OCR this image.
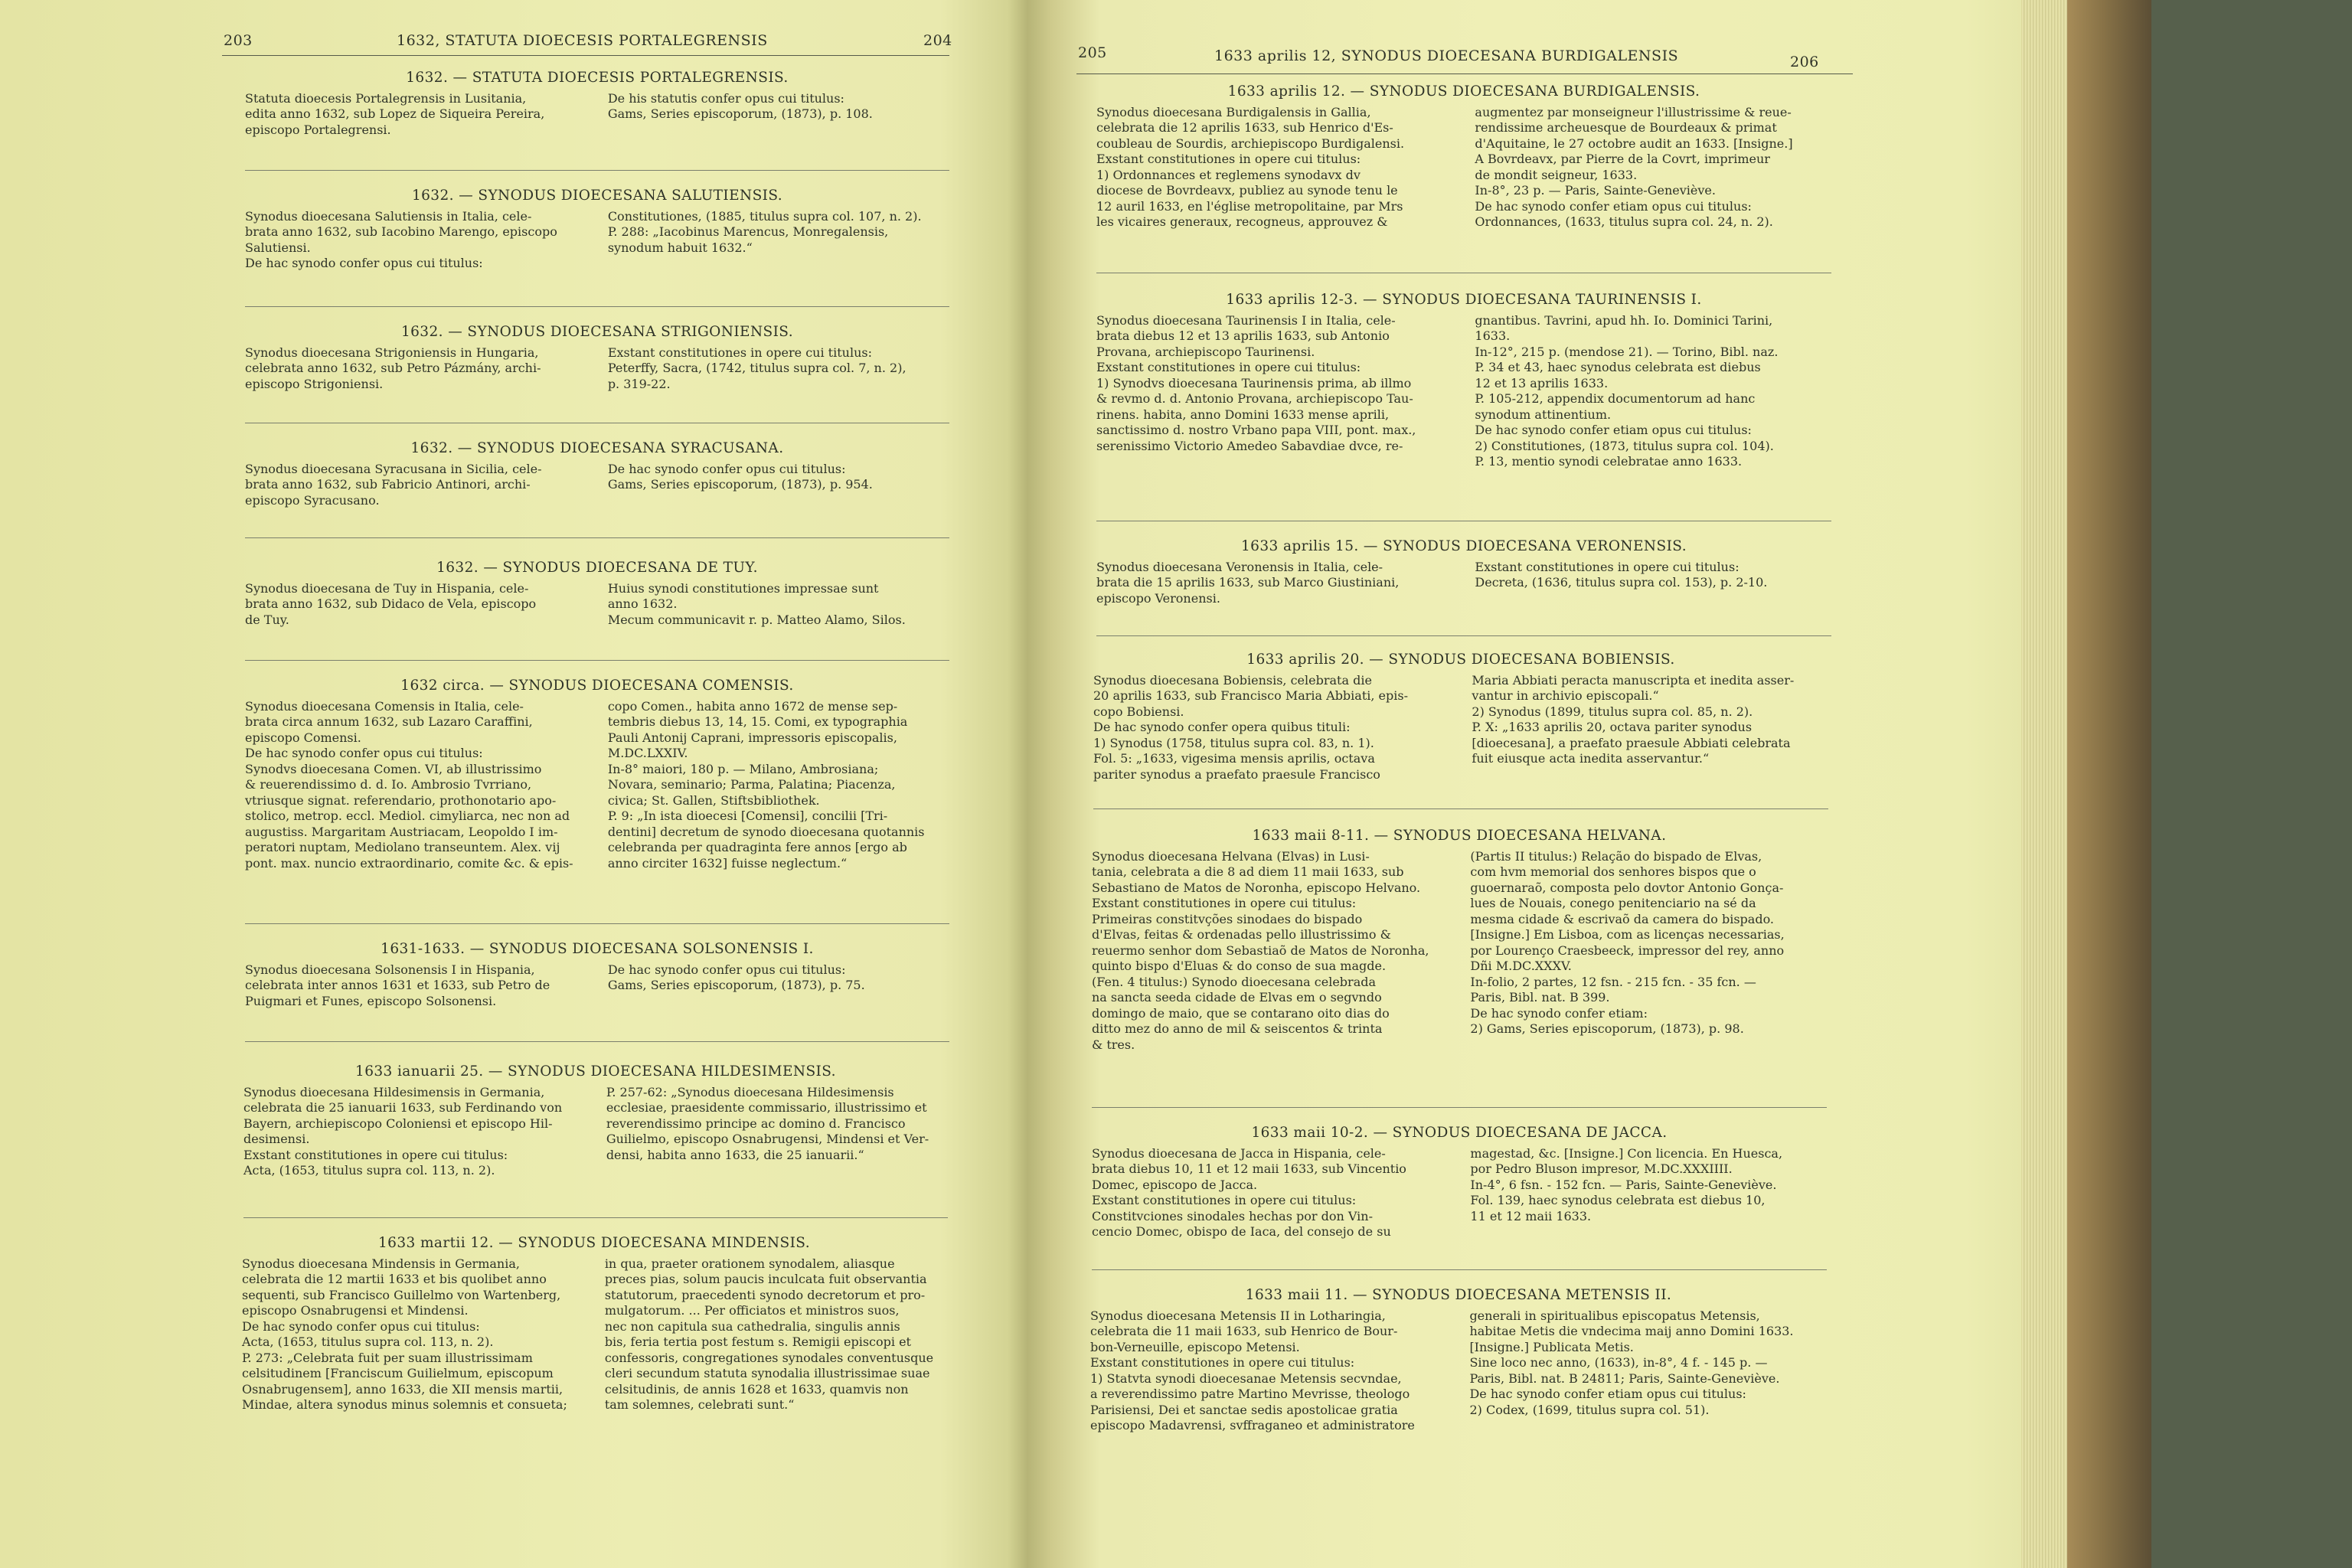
203	1632, STATUTA DIOECESIS PORTALEGRENSIS	204
1632. — STATUTA DIOECESIS PORTALEGRENSIS.

Statuta dioecesis Portalegrensis in Lusitania,
edita anno 1632, sub Lopez de Siqueira Pereira,
episcopo Portalegrensi.

De his statutis confer opus cui titulus:
Gams, Series episcoporum, (1873), p. 108.

1632. — SYNODUS DIOECESANA SALUTIENSIS.

Synodus dioecesana Salutiensis in Italia, cele-
brata anno 1632, sub Iacobino Marengo, episcopo
Salutiensi.
De hac synodo confer opus cui titulus:

Constitutiones, (1885, titulus supra col. 107, n. 2).
P. 288: „Iacobinus Marencus, Monregalensis,
synodum habuit 1632.“

1632. — SYNODUS DIOECESANA STRIGONIENSIS.

Synodus dioecesana Strigoniensis in Hungaria,
celebrata anno 1632, sub Petro Pázmány, archi-
episcopo Strigoniensi.

Exstant constitutiones in opere cui titulus:
Peterffy, Sacra, (1742, titulus supra col. 7, n. 2),
p. 319-22.

1632. — SYNODUS DIOECESANA SYRACUSANA.

Synodus dioecesana Syracusana in Sicilia, cele-
brata anno 1632, sub Fabricio Antinori, archi-
episcopo Syracusano.

De hac synodo confer opus cui titulus:
Gams, Series episcoporum, (1873), p. 954.

1632. — SYNODUS DIOECESANA DE TUY.

Synodus dioecesana de Tuy in Hispania, cele-
brata anno 1632, sub Didaco de Vela, episcopo
de Tuy.

Huius synodi constitutiones impressae sunt
anno 1632.
Mecum communicavit r. p. Matteo Alamo, Silos.

1632 circa. — SYNODUS DIOECESANA COMENSIS.

Synodus dioecesana Comensis in Italia, cele-
brata circa annum 1632, sub Lazaro Caraffini,
episcopo Comensi.
De hac synodo confer opus cui titulus:
Synodvs dioecesana Comen. VI, ab illustrissimo
& reuerendissimo d. d. Io. Ambrosio Tvrriano,
vtriusque signat. referendario, prothonotario apo-
stolico, metrop. eccl. Mediol. cimyliarca, nec non ad
augustiss. Margaritam Austriacam, Leopoldo I im-
peratori nuptam, Mediolano transeuntem. Alex. vij
pont. max. nuncio extraordinario, comite &c. & epis-

copo Comen., habita anno 1672 de mense sep-
tembris diebus 13, 14, 15. Comi, ex typographia
Pauli Antonij Caprani, impressoris episcopalis,
M.DC.LXXIV.
In-8° maiori, 180 p. — Milano, Ambrosiana;
Novara, seminario; Parma, Palatina; Piacenza,
civica; St. Gallen, Stiftsbibliothek.
P. 9: „In ista dioecesi [Comensi], concilii [Tri-
dentini] decretum de synodo dioecesana quotannis
celebranda per quadraginta fere annos [ergo ab
anno circiter 1632] fuisse neglectum.“

1631-1633. — SYNODUS DIOECESANA SOLSONENSIS I.

Synodus dioecesana Solsonensis I in Hispania,
celebrata inter annos 1631 et 1633, sub Petro de
Puigmari et Funes, episcopo Solsonensi.

De hac synodo confer opus cui titulus:
Gams, Series episcoporum, (1873), p. 75.

1633 ianuarii 25. — SYNODUS DIOECESANA HILDESIMENSIS.

Synodus dioecesana Hildesimensis in Germania,
celebrata die 25 ianuarii 1633, sub Ferdinando von
Bayern, archiepiscopo Coloniensi et episcopo Hil-
desimensi.
Exstant constitutiones in opere cui titulus:
Acta, (1653, titulus supra col. 113, n. 2).

P. 257-62: „Synodus dioecesana Hildesimensis
ecclesiae, praesidente commissario, illustrissimo et
reverendissimo principe ac domino d. Francisco
Guilielmo, episcopo Osnabrugensi, Mindensi et Ver-
densi, habita anno 1633, die 25 ianuarii.“

1633 martii 12. — SYNODUS DIOECESANA MINDENSIS.

Synodus dioecesana Mindensis in Germania,
celebrata die 12 martii 1633 et bis quolibet anno
sequenti, sub Francisco Guillelmo von Wartenberg,
episcopo Osnabrugensi et Mindensi.
De hac synodo confer opus cui titulus:
Acta, (1653, titulus supra col. 113, n. 2).
P. 273: „Celebrata fuit per suam illustrissimam
celsitudinem [Franciscum Guilielmum, episcopum
Osnabrugensem], anno 1633, die XII mensis martii,
Mindae, altera synodus minus solemnis et consueta;

in qua, praeter orationem synodalem, aliasque
preces pias, solum paucis inculcata fuit observantia
statutorum, praecedenti synodo decretorum et pro-
mulgatorum. ... Per officiatos et ministros suos,
nec non capitula sua cathedralia, singulis annis
bis, feria tertia post festum s. Remigii episcopi et
confessoris, congregationes synodales conventusque
cleri secundum statuta synodalia illustrissimae suae
celsitudinis, de annis 1628 et 1633, quamvis non
tam solemnes, celebrati sunt.“

205	1633 aprilis 12, SYNODUS DIOECESANA BURDIGALENSIS	206
1633 aprilis 12. — SYNODUS DIOECESANA BURDIGALENSIS.

Synodus dioecesana Burdigalensis in Gallia,
celebrata die 12 aprilis 1633, sub Henrico d'Es-
coubleau de Sourdis, archiepiscopo Burdigalensi.
Exstant constitutiones in opere cui titulus:
1) Ordonnances et reglemens synodavx dv
diocese de Bovrdeavx, publiez au synode tenu le
12 auril 1633, en l'église metropolitaine, par Mrs
les vicaires generaux, recogneus, approuvez &

augmentez par monseigneur l'illustrissime & reue-
rendissime archeuesque de Bourdeaux & primat
d'Aquitaine, le 27 octobre audit an 1633. [Insigne.]
A Bovrdeavx, par Pierre de la Covrt, imprimeur
de mondit seigneur, 1633.
In-8°, 23 p. — Paris, Sainte-Geneviève.
De hac synodo confer etiam opus cui titulus:
Ordonnances, (1633, titulus supra col. 24, n. 2).

1633 aprilis 12-3. — SYNODUS DIOECESANA TAURINENSIS I.

Synodus dioecesana Taurinensis I in Italia, cele-
brata diebus 12 et 13 aprilis 1633, sub Antonio
Provana, archiepiscopo Taurinensi.
Exstant constitutiones in opere cui titulus:
1) Synodvs dioecesana Taurinensis prima, ab illmo
& revmo d. d. Antonio Provana, archiepiscopo Tau-
rinens. habita, anno Domini 1633 mense aprili,
sanctissimo d. nostro Vrbano papa VIII, pont. max.,
serenissimo Victorio Amedeo Sabavdiae dvce, re-

gnantibus. Tavrini, apud hh. Io. Dominici Tarini,
1633.
In-12°, 215 p. (mendose 21). — Torino, Bibl. naz.
P. 34 et 43, haec synodus celebrata est diebus
12 et 13 aprilis 1633.
P. 105-212, appendix documentorum ad hanc
synodum attinentium.
De hac synodo confer etiam opus cui titulus:
2) Constitutiones, (1873, titulus supra col. 104).
P. 13, mentio synodi celebratae anno 1633.

1633 aprilis 15. — SYNODUS DIOECESANA VERONENSIS.

Synodus dioecesana Veronensis in Italia, cele-
brata die 15 aprilis 1633, sub Marco Giustiniani,
episcopo Veronensi.

Exstant constitutiones in opere cui titulus:
Decreta, (1636, titulus supra col. 153), p. 2-10.

1633 aprilis 20. — SYNODUS DIOECESANA BOBIENSIS.

Synodus dioecesana Bobiensis, celebrata die
20 aprilis 1633, sub Francisco Maria Abbiati, epis-
copo Bobiensi.
De hac synodo confer opera quibus tituli:
1) Synodus (1758, titulus supra col. 83, n. 1).
Fol. 5: „1633, vigesima mensis aprilis, octava
pariter synodus a praefato praesule Francisco

Maria Abbiati peracta manuscripta et inedita asser-
vantur in archivio episcopali.“
2) Synodus (1899, titulus supra col. 85, n. 2).
P. X: „1633 aprilis 20, octava pariter synodus
[dioecesana], a praefato praesule Abbiati celebrata
fuit eiusque acta inedita asservantur.“

1633 maii 8-11. — SYNODUS DIOECESANA HELVANA.

Synodus dioecesana Helvana (Elvas) in Lusi-
tania, celebrata a die 8 ad diem 11 maii 1633, sub
Sebastiano de Matos de Noronha, episcopo Helvano.
Exstant constitutiones in opere cui titulus:
Primeiras constitvções sinodaes do bispado
d'Elvas, feitas & ordenadas pello illustrissimo &
reuermo senhor dom Sebastiaõ de Matos de Noronha,
quinto bispo d'Eluas & do conso de sua magde.
(Fen. 4 titulus:) Synodo dioecesana celebrada
na sancta seeda cidade de Elvas em o segvndo
domingo de maio, que se contarano oito dias do
ditto mez do anno de mil & seiscentos & trinta
& tres.

(Partis II titulus:) Relação do bispado de Elvas,
com hvm memorial dos senhores bispos que o
guoernaraõ, composta pelo dovtor Antonio Gonça-
lues de Nouais, conego penitenciario na sé da
mesma cidade & escrivaõ da camera do bispado.
[Insigne.] Em Lisboa, com as licenças necessarias,
por Lourenço Craesbeeck, impressor del rey, anno
Dñi M.DC.XXXV.
In-folio, 2 partes, 12 fsn. - 215 fcn. - 35 fcn. —
Paris, Bibl. nat. B 399.
De hac synodo confer etiam:
2) Gams, Series episcoporum, (1873), p. 98.

1633 maii 10-2. — SYNODUS DIOECESANA DE JACCA.

Synodus dioecesana de Jacca in Hispania, cele-
brata diebus 10, 11 et 12 maii 1633, sub Vincentio
Domec, episcopo de Jacca.
Exstant constitutiones in opere cui titulus:
Constitvciones sinodales hechas por don Vin-
cencio Domec, obispo de Iaca, del consejo de su

magestad, &c. [Insigne.] Con licencia. En Huesca,
por Pedro Bluson impresor, M.DC.XXXIIII.
In-4°, 6 fsn. - 152 fcn. — Paris, Sainte-Geneviève.
Fol. 139, haec synodus celebrata est diebus 10,
11 et 12 maii 1633.

1633 maii 11. — SYNODUS DIOECESANA METENSIS II.

Synodus dioecesana Metensis II in Lotharingia,
celebrata die 11 maii 1633, sub Henrico de Bour-
bon-Verneuille, episcopo Metensi.
Exstant constitutiones in opere cui titulus:
1) Statvta synodi dioecesanae Metensis secvndae,
a reverendissimo patre Martino Mevrisse, theologo
Parisiensi, Dei et sanctae sedis apostolicae gratia
episcopo Madavrensi, svffraganeo et administratore

generali in spiritualibus episcopatus Metensis,
habitae Metis die vndecima maij anno Domini 1633.
[Insigne.] Publicata Metis.
Sine loco nec anno, (1633), in-8°, 4 f. - 145 p. —
Paris, Bibl. nat. B 24811; Paris, Sainte-Geneviève.
De hac synodo confer etiam opus cui titulus:
2) Codex, (1699, titulus supra col. 51).
